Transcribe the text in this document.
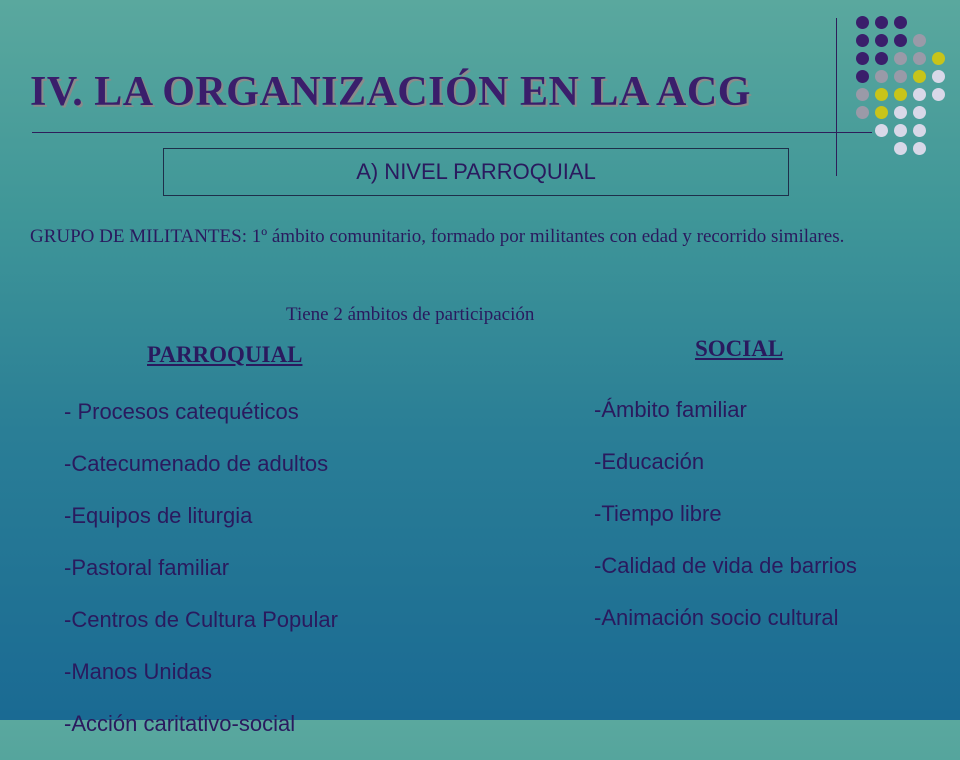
IV. LA ORGANIZACIÓN EN LA ACG
A) NIVEL PARROQUIAL
GRUPO DE MILITANTES: 1º ámbito comunitario, formado por militantes con edad y recorrido similares.
Tiene 2 ámbitos de participación
PARROQUIAL
- Procesos catequéticos
-Catecumenado de adultos
-Equipos de liturgia
-Pastoral familiar
-Centros de Cultura Popular
-Manos Unidas
-Acción caritativo-social
SOCIAL
-Ámbito familiar
-Educación
-Tiempo libre
-Calidad de vida de barrios
-Animación socio cultural
